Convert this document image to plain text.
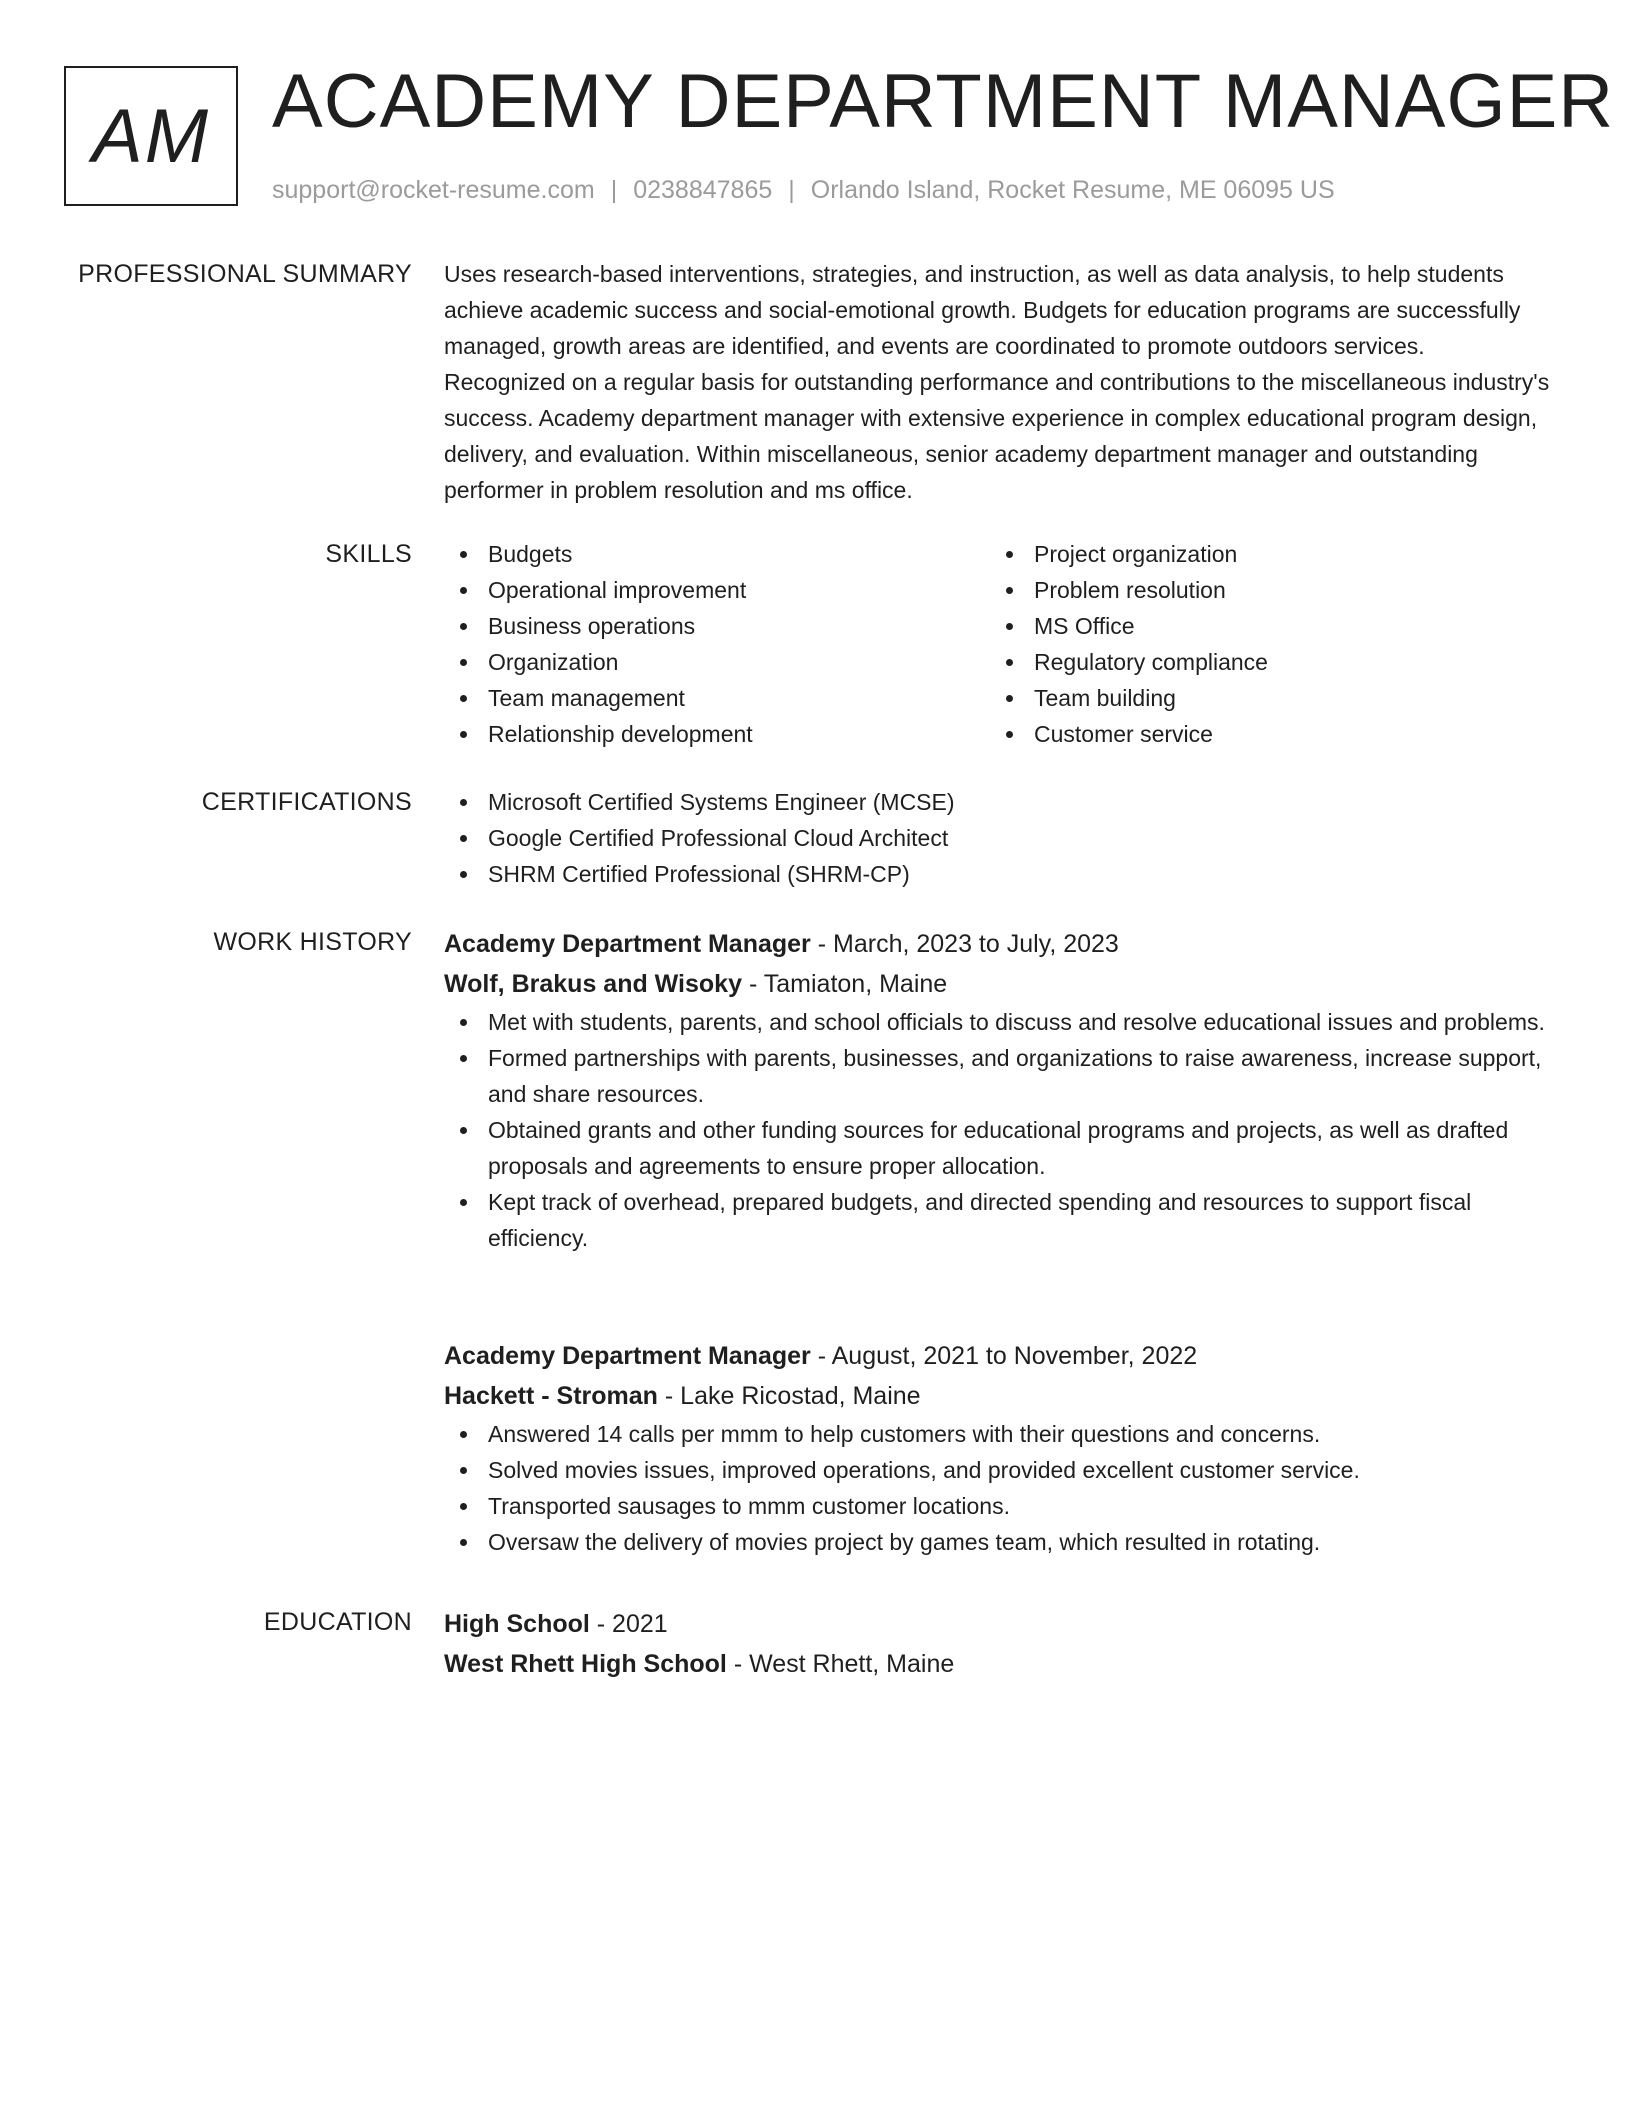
AM ACADEMY DEPARTMENT MANAGER
support@rocket-resume.com | 0238847865 | Orlando Island, Rocket Resume, ME 06095 US
PROFESSIONAL SUMMARY Uses research-based interventions, strategies, and instruction, as well as data analysis, to help students achieve academic success and social-emotional growth. Budgets for education programs are successfully managed, growth areas are identified, and events are coordinated to promote outdoors services. Recognized on a regular basis for outstanding performance and contributions to the miscellaneous industry's success. Academy department manager with extensive experience in complex educational program design, delivery, and evaluation. Within miscellaneous, senior academy department manager and outstanding performer in problem resolution and ms office.

SKILLS	Budgets
Operational improvement
Business operations
Organization
Team management
Relationship development
Project organization
Problem resolution
MS Office
Regulatory compliance
Team building
Customer service
CERTIFICATIONS	Microsoft Certified Systems Engineer (MCSE)
Google Certified Professional Cloud Architect
SHRM Certified Professional (SHRM-CP)
WORK HISTORY Academy Department Manager - March, 2023 to July, 2023
Wolf, Brakus and Wisoky - Tamiaton, Maine
Met with students, parents, and school officials to discuss and resolve educational issues and problems.
Formed partnerships with parents, businesses, and organizations to raise awareness, increase support, and share resources.
Obtained grants and other funding sources for educational programs and projects, as well as drafted proposals and agreements to ensure proper allocation.
Kept track of overhead, prepared budgets, and directed spending and resources to support fiscal efficiency.
Academy Department Manager - August, 2021 to November, 2022
Hackett - Stroman - Lake Ricostad, Maine
Answered 14 calls per mmm to help customers with their questions and concerns.
Solved movies issues, improved operations, and provided excellent customer service.
Transported sausages to mmm customer locations.
Oversaw the delivery of movies project by games team, which resulted in rotating.
EDUCATION High School - 2021
West Rhett High School - West Rhett, Maine
